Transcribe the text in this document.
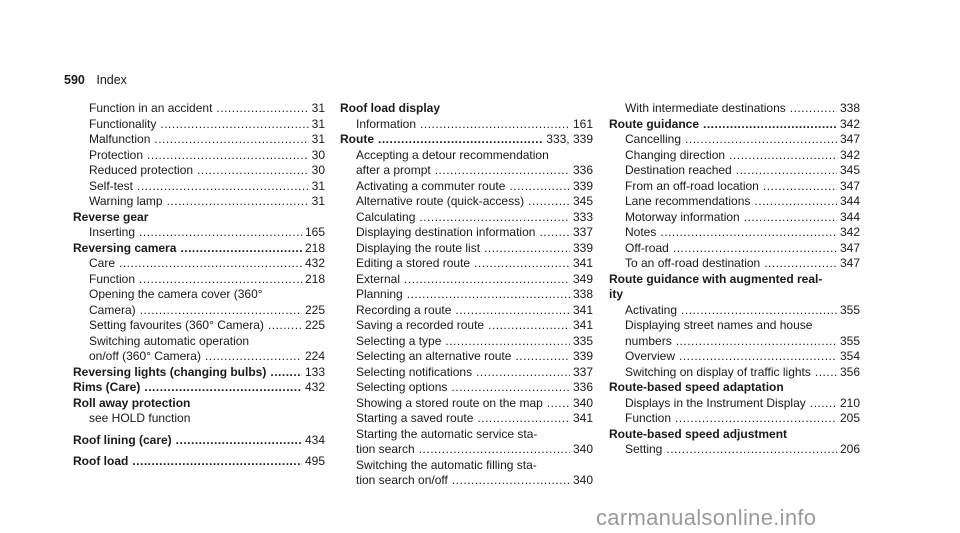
590 Index
Function in an accident .....	31
Functionality .....	31
Malfunction .....	31
Protection .....	30
Reduced protection .....	30
Self-test .....	31
Warning lamp .....	31
Reverse gear
Inserting .....	165
Reversing camera .....	218
Care .....	432
Function .....	218
Opening the camera cover (360°
Camera) .....	225
Setting favourites (360° Camera) .....	225
Switching automatic operation
on/off (360° Camera) .....	224
Reversing lights (changing bulbs) .....	133
Rims (Care) .....	432
Roll away protection
see HOLD function
Roof lining (care) .....	434
Roof load .....	495
Roof load display
Information .....	161
Route .....	333, 339
Accepting a detour recommendation
after a prompt .....	336
Activating a commuter route .....	339
Alternative route (quick-access) .....	345
Calculating .....	333
Displaying destination information .....	337
Displaying the route list .....	339
Editing a stored route .....	341
External .....	349
Planning .....	338
Recording a route .....	341
Saving a recorded route .....	341
Selecting a type .....	335
Selecting an alternative route .....	339
Selecting notifications .....	337
Selecting options .....	336
Showing a stored route on the map .....	340
Starting a saved route .....	341
Starting the automatic service sta-
tion search .....	340
Switching the automatic filling sta-
tion search on/off .....	340
With intermediate destinations .....	338
Route guidance .....	342
Cancelling .....	347
Changing direction .....	342
Destination reached .....	345
From an off-road location .....	347
Lane recommendations .....	344
Motorway information .....	344
Notes .....	342
Off-road .....	347
To an off-road destination .....	347
Route guidance with augmented real-
ity
Activating .....	355
Displaying street names and house
numbers .....	355
Overview .....	354
Switching on display of traffic lights ..... 356
Route-based speed adaptation
Displays in the Instrument Display .....	210
Function .....	205
Route-based speed adjustment
Setting .....	206
carmanualsonline.info
